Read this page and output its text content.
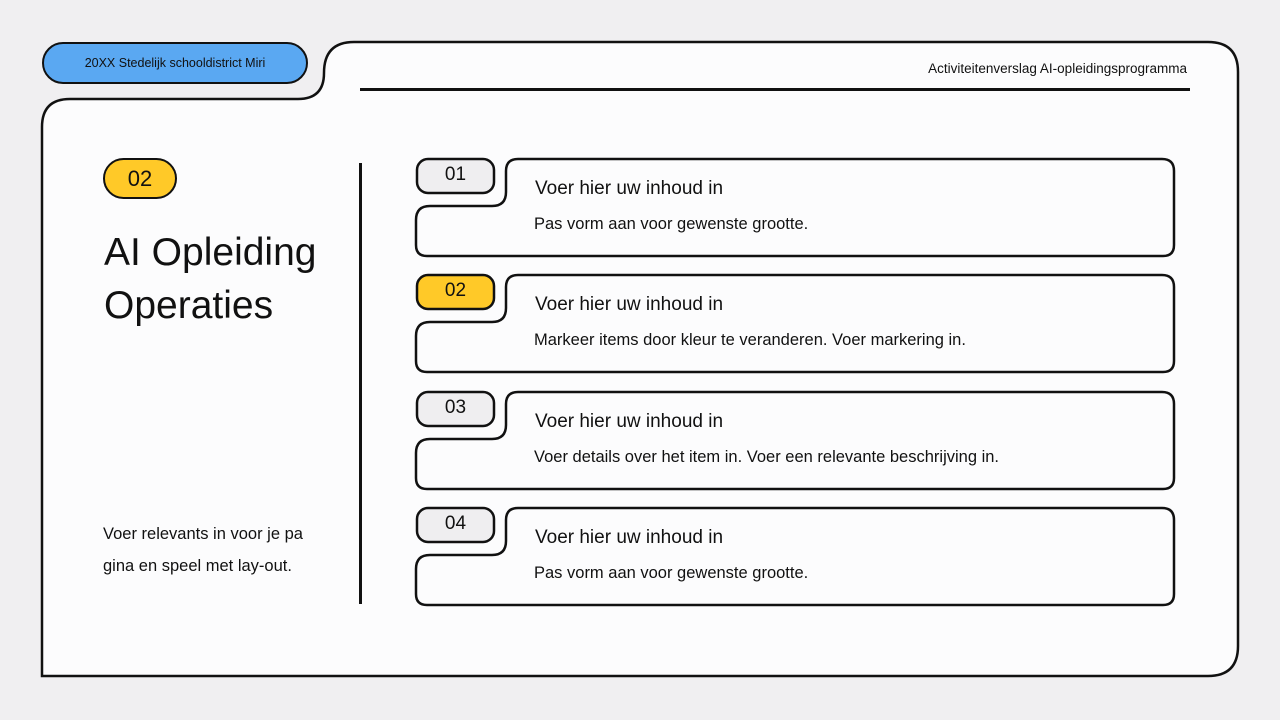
20XX Stedelijk schooldistrict Miri	Activiteitenverslag AI-opleidingsprogramma
02
AI Opleiding
Operaties

Voer relevants in voor je pa
gina en speel met lay-out.

01
Voer hier uw inhoud in
Pas vorm aan voor gewenste grootte.
02
Voer hier uw inhoud in
Markeer items door kleur te veranderen. Voer markering in.
03
Voer hier uw inhoud in
Voer details over het item in. Voer een relevante beschrijving in.
04
Voer hier uw inhoud in
Pas vorm aan voor gewenste grootte.
